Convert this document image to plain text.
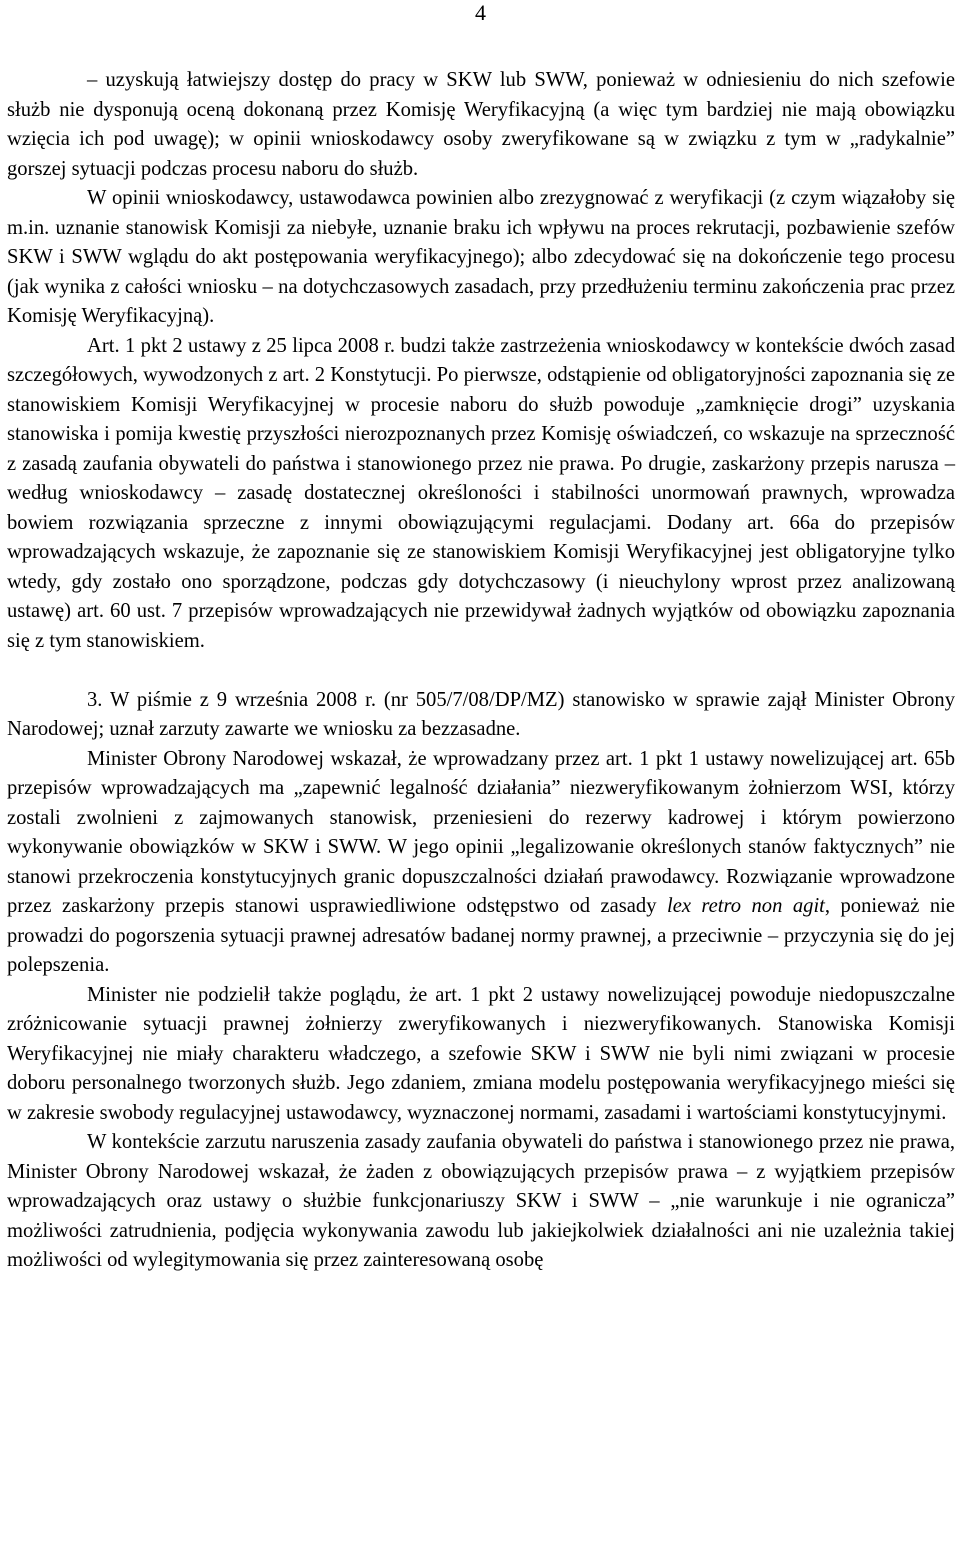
4

– uzyskują łatwiejszy dostęp do pracy w SKW lub SWW, ponieważ w odniesieniu do nich szefowie służb nie dysponują oceną dokonaną przez Komisję Weryfikacyjną (a więc tym bardziej nie mają obowiązku wzięcia ich pod uwagę); w opinii wnioskodawcy osoby zweryfikowane są w związku z tym w „radykalnie” gorszej sytuacji podczas procesu naboru do służb.

W opinii wnioskodawcy, ustawodawca powinien albo zrezygnować z weryfikacji (z czym wiązałoby się m.in. uznanie stanowisk Komisji za niebyłe, uznanie braku ich wpływu na proces rekrutacji, pozbawienie szefów SKW i SWW wglądu do akt postępowania weryfikacyjnego); albo zdecydować się na dokończenie tego procesu (jak wynika z całości wniosku – na dotychczasowych zasadach, przy przedłużeniu terminu zakończenia prac przez Komisję Weryfikacyjną).

Art. 1 pkt 2 ustawy z 25 lipca 2008 r. budzi także zastrzeżenia wnioskodawcy w kontekście dwóch zasad szczegółowych, wywodzonych z art. 2 Konstytucji. Po pierwsze, odstąpienie od obligatoryjności zapoznania się ze stanowiskiem Komisji Weryfikacyjnej w procesie naboru do służb powoduje „zamknięcie drogi” uzyskania stanowiska i pomija kwestię przyszłości nierozpoznanych przez Komisję oświadczeń, co wskazuje na sprzeczność z zasadą zaufania obywateli do państwa i stanowionego przez nie prawa. Po drugie, zaskarżony przepis narusza – według wnioskodawcy – zasadę dostatecznej określoności i stabilności unormowań prawnych, wprowadza bowiem rozwiązania sprzeczne z innymi obowiązującymi regulacjami. Dodany art. 66a do przepisów wprowadzających wskazuje, że zapoznanie się ze stanowiskiem Komisji Weryfikacyjnej jest obligatoryjne tylko wtedy, gdy zostało ono sporządzone, podczas gdy dotychczasowy (i nieuchylony wprost przez analizowaną ustawę) art. 60 ust. 7 przepisów wprowadzających nie przewidywał żadnych wyjątków od obowiązku zapoznania się z tym stanowiskiem.

3. W piśmie z 9 września 2008 r. (nr 505/7/08/DP/MZ) stanowisko w sprawie zajął Minister Obrony Narodowej; uznał zarzuty zawarte we wniosku za bezzasadne.

Minister Obrony Narodowej wskazał, że wprowadzany przez art. 1 pkt 1 ustawy nowelizującej art. 65b przepisów wprowadzających ma „zapewnić legalność działania” niezweryfikowanym żołnierzom WSI, którzy zostali zwolnieni z zajmowanych stanowisk, przeniesieni do rezerwy kadrowej i którym powierzono wykonywanie obowiązków w SKW i SWW. W jego opinii „legalizowanie określonych stanów faktycznych” nie stanowi przekroczenia konstytucyjnych granic dopuszczalności działań prawodawcy. Rozwiązanie wprowadzone przez zaskarżony przepis stanowi usprawiedliwione odstępstwo od zasady lex retro non agit, ponieważ nie prowadzi do pogorszenia sytuacji prawnej adresatów badanej normy prawnej, a przeciwnie – przyczynia się do jej polepszenia.

Minister nie podzielił także poglądu, że art. 1 pkt 2 ustawy nowelizującej powoduje niedopuszczalne zróżnicowanie sytuacji prawnej żołnierzy zweryfikowanych i niezweryfikowanych. Stanowiska Komisji Weryfikacyjnej nie miały charakteru władczego, a szefowie SKW i SWW nie byli nimi związani w procesie doboru personalnego tworzonych służb. Jego zdaniem, zmiana modelu postępowania weryfikacyjnego mieści się w zakresie swobody regulacyjnej ustawodawcy, wyznaczonej normami, zasadami i wartościami konstytucyjnymi.

W kontekście zarzutu naruszenia zasady zaufania obywateli do państwa i stanowionego przez nie prawa, Minister Obrony Narodowej wskazał, że żaden z obowiązujących przepisów prawa – z wyjątkiem przepisów wprowadzających oraz ustawy o służbie funkcjonariuszy SKW i SWW – „nie warunkuje i nie ogranicza” możliwości zatrudnienia, podjęcia wykonywania zawodu lub jakiejkolwiek działalności ani nie uzależnia takiej możliwości od wylegitymowania się przez zainteresowaną osobę
